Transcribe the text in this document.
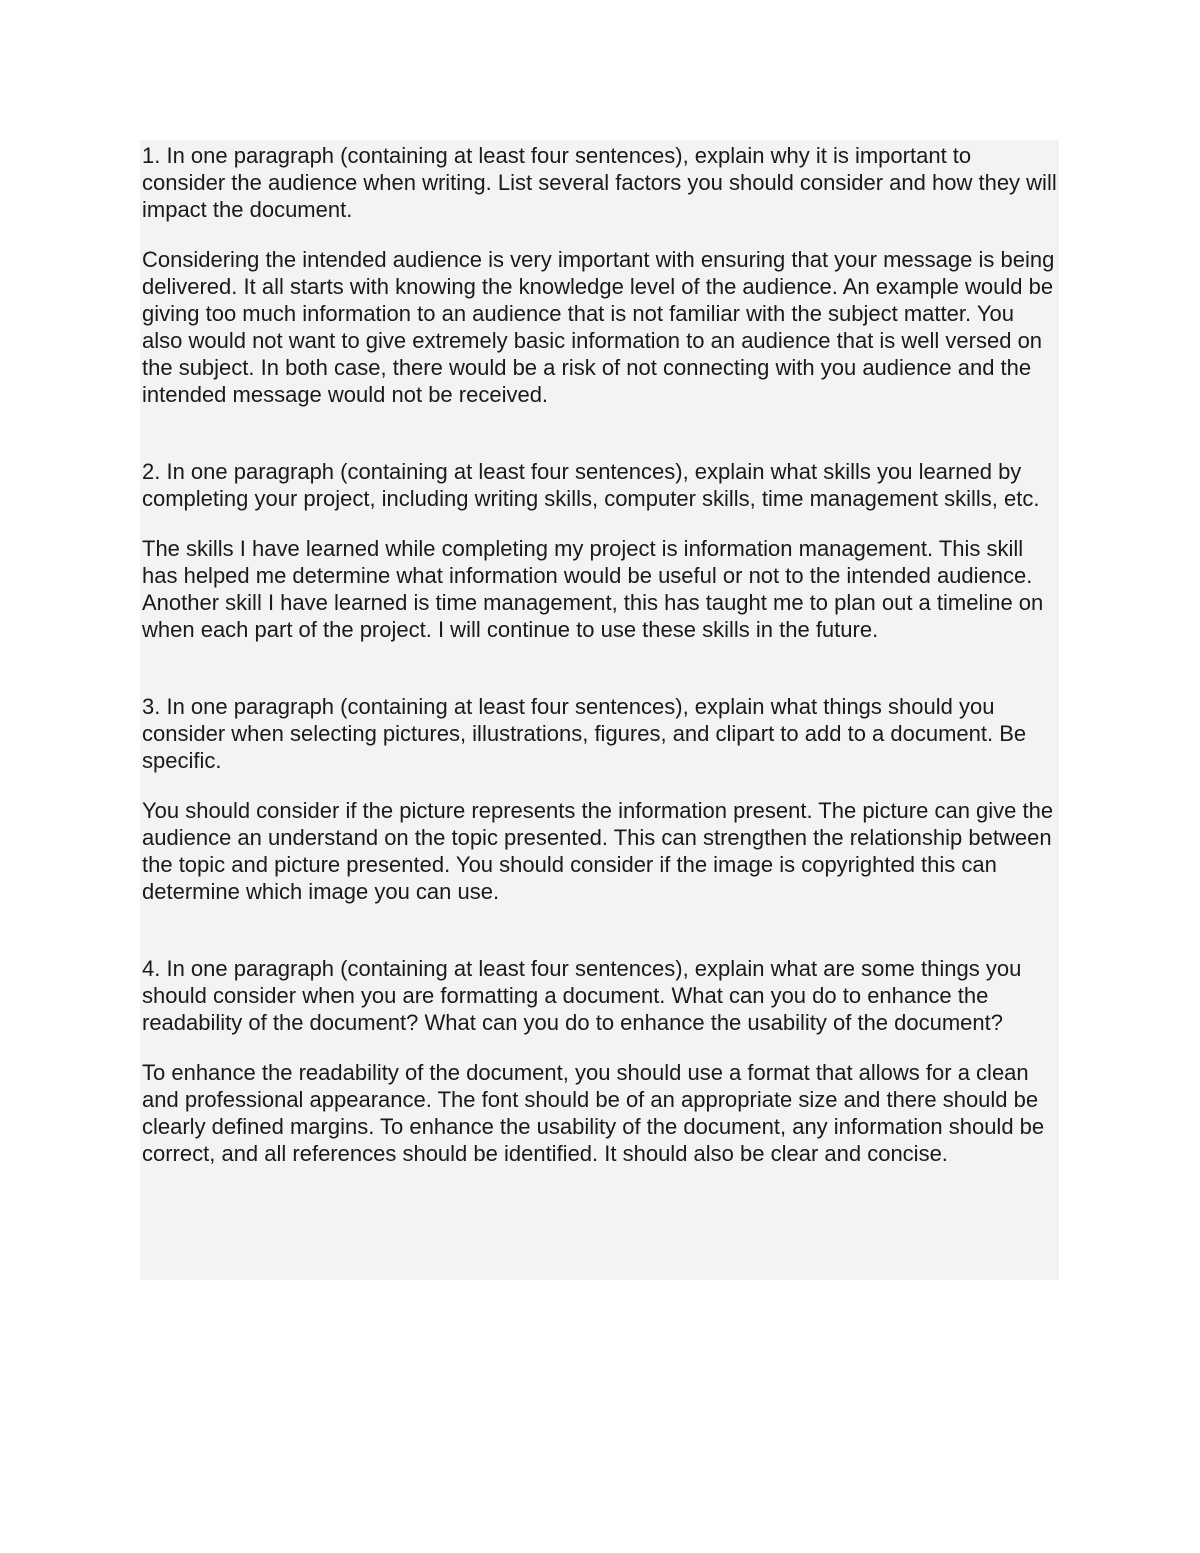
1. In one paragraph (containing at least four sentences), explain why it is important to consider the audience when writing. List several factors you should consider and how they will impact the document.

Considering the intended audience is very important with ensuring that your message is being delivered. It all starts with knowing the knowledge level of the audience. An example would be giving too much information to an audience that is not familiar with the subject matter. You also would not want to give extremely basic information to an audience that is well versed on the subject. In both case, there would be a risk of not connecting with you audience and the intended message would not be received.

2. In one paragraph (containing at least four sentences), explain what skills you learned by completing your project, including writing skills, computer skills, time management skills, etc.

The skills I have learned while completing my project is information management. This skill has helped me determine what information would be useful or not to the intended audience. Another skill I have learned is time management, this has taught me to plan out a timeline on when each part of the project. I will continue to use these skills in the future.

3. In one paragraph (containing at least four sentences), explain what things should you consider when selecting pictures, illustrations, figures, and clipart to add to a document. Be specific.

You should consider if the picture represents the information present. The picture can give the audience an understand on the topic presented. This can strengthen the relationship between the topic and picture presented. You should consider if the image is copyrighted this can determine which image you can use.

4. In one paragraph (containing at least four sentences), explain what are some things you should consider when you are formatting a document. What can you do to enhance the readability of the document? What can you do to enhance the usability of the document?

To enhance the readability of the document, you should use a format that allows for a clean and professional appearance. The font should be of an appropriate size and there should be clearly defined margins. To enhance the usability of the document, any information should be correct, and all references should be identified. It should also be clear and concise.
